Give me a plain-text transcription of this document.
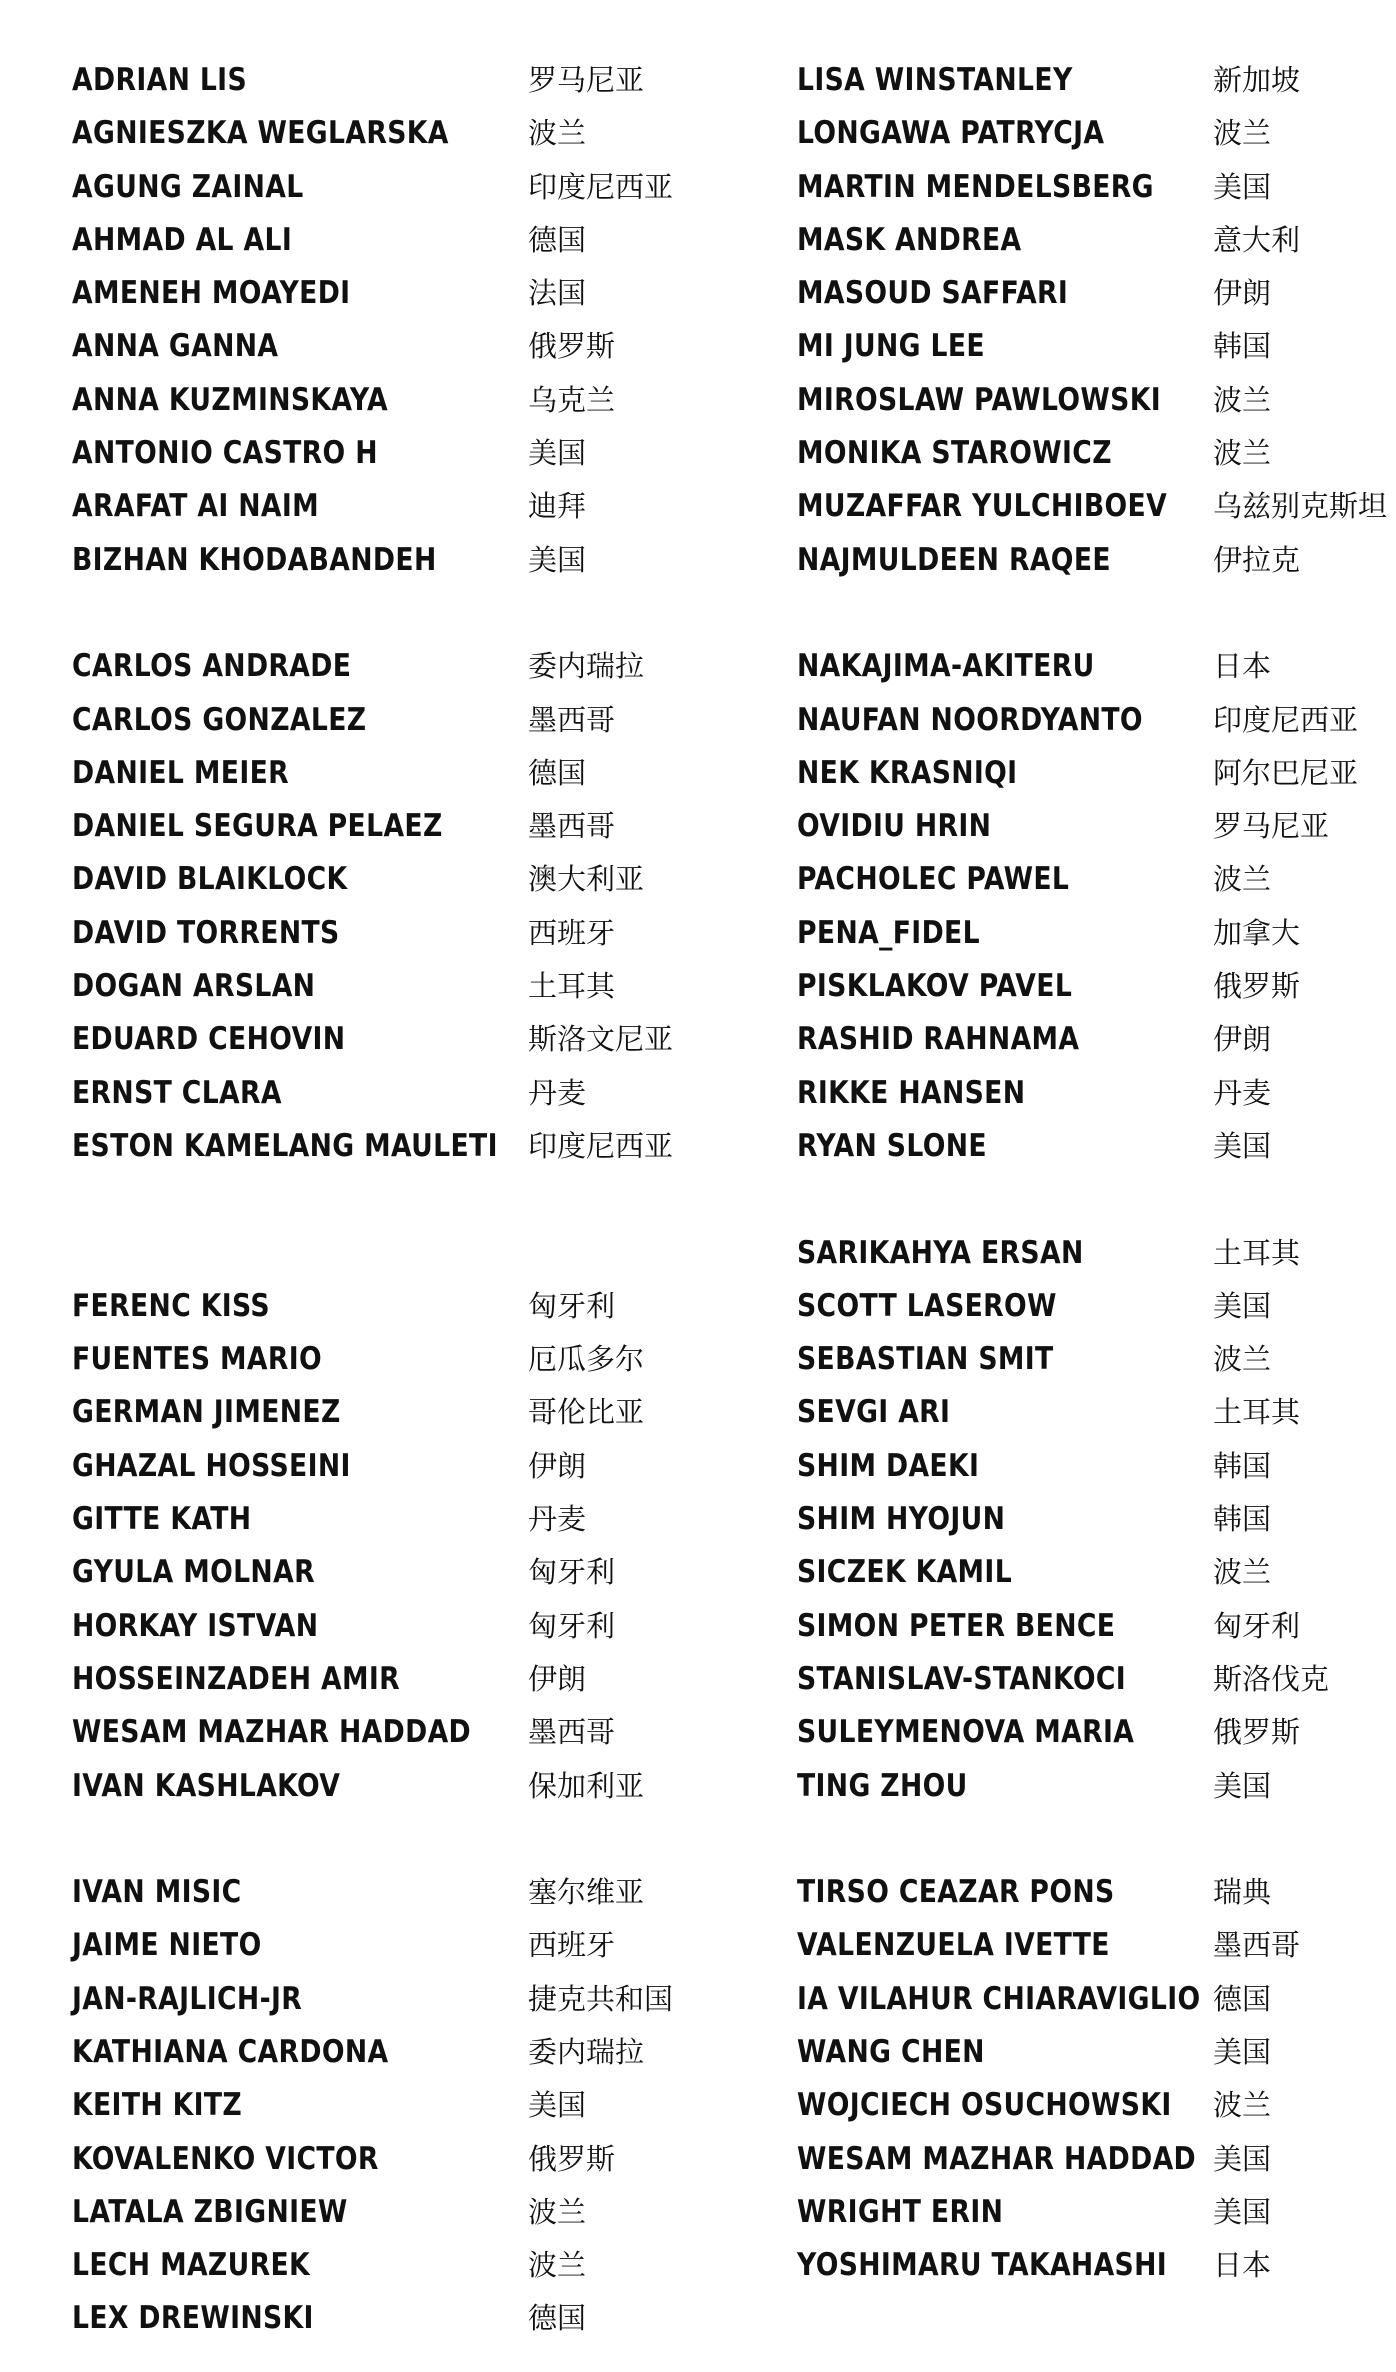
ADRIAN LIS	罗马尼亚
AGNIESZKA WEGLARSKA	波兰
AGUNG ZAINAL	印度尼西亚
AHMAD AL ALI	德国
AMENEH MOAYEDI	法国
ANNA GANNA	俄罗斯
ANNA KUZMINSKAYA	乌克兰
ANTONIO CASTRO H	美国
ARAFAT AI NAIM	迪拜
BIZHAN KHODABANDEH	美国
CARLOS ANDRADE	委内瑞拉
CARLOS GONZALEZ	墨西哥
DANIEL MEIER	德国
DANIEL SEGURA PELAEZ	墨西哥
DAVID BLAIKLOCK	澳大利亚
DAVID TORRENTS	西班牙
DOGAN ARSLAN	土耳其
EDUARD CEHOVIN	斯洛文尼亚
ERNST CLARA	丹麦
ESTON KAMELANG MAULETI 印度尼西亚
FERENC KISS	匈牙利
FUENTES MARIO	厄瓜多尔
GERMAN JIMENEZ	哥伦比亚
GHAZAL HOSSEINI	伊朗
GITTE KATH	丹麦
GYULA MOLNAR	匈牙利
HORKAY ISTVAN	匈牙利
HOSSEINZADEH AMIR	伊朗
WESAM MAZHAR HADDAD 墨西哥
IVAN KASHLAKOV	保加利亚
IVAN MISIC	塞尔维亚
JAIME NIETO	西班牙
JAN-RAJLICH-JR	捷克共和国
KATHIANA CARDONA	委内瑞拉
KEITH KITZ	美国
KOVALENKO VICTOR	俄罗斯
LATALA ZBIGNIEW	波兰
LECH MAZUREK	波兰
LEX DREWINSKI	德国
LISA WINSTANLEY	新加坡
LONGAWA PATRYCJA	波兰
MARTIN MENDELSBERG 美国
MASK ANDREA	意大利
MASOUD SAFFARI	伊朗
MI JUNG LEE	韩国
MIROSLAW PAWLOWSKI 波兰
MONIKA STAROWICZ	波兰
MUZAFFAR YULCHIBOEV 乌兹别克斯坦
NAJMULDEEN RAQEE	伊拉克
NAKAJIMA-AKITERU	日本
NAUFAN NOORDYANTO 印度尼西亚
NEK KRASNIQI	阿尔巴尼亚
OVIDIU HRIN	罗马尼亚
PACHOLEC PAWEL	波兰
PENA_FIDEL	加拿大
PISKLAKOV PAVEL	俄罗斯
RASHID RAHNAMA	伊朗
RIKKE HANSEN	丹麦
RYAN SLONE	美国
SARIKAHYA ERSAN	土耳其
SCOTT LASEROW	美国
SEBASTIAN SMIT	波兰
SEVGI ARI	土耳其
SHIM DAEKI	韩国
SHIM HYOJUN	韩国
SICZEK KAMIL	波兰
SIMON PETER BENCE	匈牙利
STANISLAV-STANKOCI	斯洛伐克
SULEYMENOVA MARIA	俄罗斯
TING ZHOU	美国
TIRSO CEAZAR PONS	瑞典
VALENZUELA IVETTE	墨西哥
IA VILAHUR CHIARAVIGLIO 德国
WANG CHEN	美国
WOJCIECH OSUCHOWSKI 波兰
WESAM MAZHAR HADDAD 美国
WRIGHT ERIN	美国
YOSHIMARU TAKAHASHI 日本
